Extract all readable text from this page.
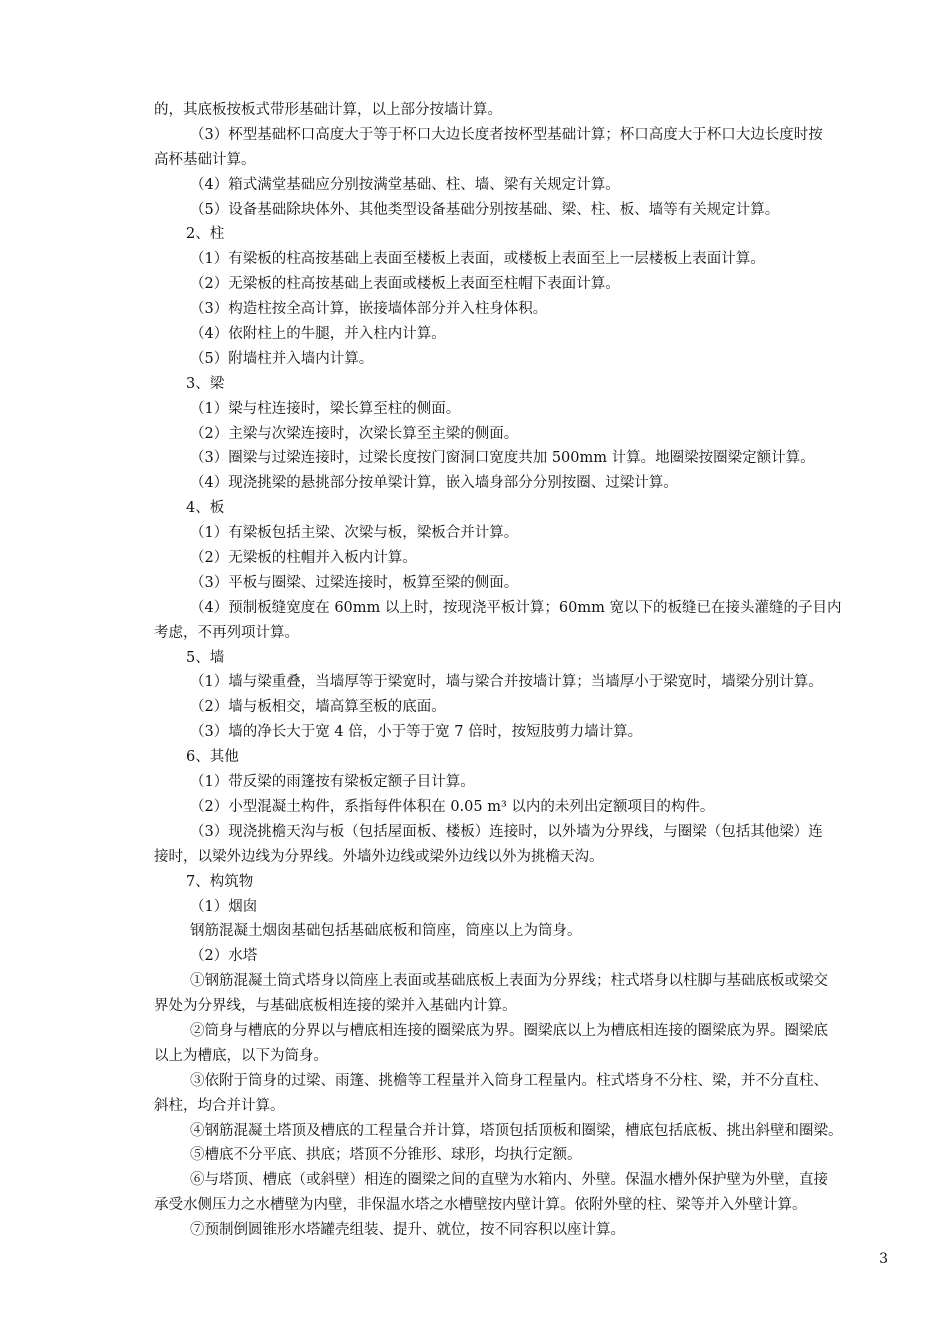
的，其底板按板式带形基础计算，以上部分按墙计算。
（3）杯型基础杯口高度大于等于杯口大边长度者按杯型基础计算；杯口高度大于杯口大边长度时按
高杯基础计算。
（4）箱式满堂基础应分别按满堂基础、柱、墙、梁有关规定计算。
（5）设备基础除块体外、其他类型设备基础分别按基础、梁、柱、板、墙等有关规定计算。
2、柱
（1）有梁板的柱高按基础上表面至楼板上表面，或楼板上表面至上一层楼板上表面计算。
（2）无梁板的柱高按基础上表面或楼板上表面至柱帽下表面计算。
（3）构造柱按全高计算，嵌接墙体部分并入柱身体积。
（4）依附柱上的牛腿，并入柱内计算。
（5）附墙柱并入墙内计算。
3、梁
（1）梁与柱连接时，梁长算至柱的侧面。
（2）主梁与次梁连接时，次梁长算至主梁的侧面。
（3）圈梁与过梁连接时，过梁长度按门窗洞口宽度共加 500mm 计算。地圈梁按圈梁定额计算。
（4）现浇挑梁的悬挑部分按单梁计算，嵌入墙身部分分别按圈、过梁计算。
4、板
（1）有梁板包括主梁、次梁与板，梁板合并计算。
（2）无梁板的柱帽并入板内计算。
（3）平板与圈梁、过梁连接时，板算至梁的侧面。
（4）预制板缝宽度在 60mm 以上时，按现浇平板计算；60mm 宽以下的板缝已在接头灌缝的子目内
考虑，不再列项计算。
5、墙
（1）墙与梁重叠，当墙厚等于梁宽时，墙与梁合并按墙计算；当墙厚小于梁宽时，墙梁分别计算。
（2）墙与板相交，墙高算至板的底面。
（3）墙的净长大于宽 4 倍，小于等于宽 7 倍时，按短肢剪力墙计算。
6、其他
（1）带反梁的雨篷按有梁板定额子目计算。
（2）小型混凝土构件，系指每件体积在 0.05 m³ 以内的未列出定额项目的构件。
（3）现浇挑檐天沟与板（包括屋面板、楼板）连接时，以外墙为分界线，与圈梁（包括其他梁）连
接时，以梁外边线为分界线。外墙外边线或梁外边线以外为挑檐天沟。
7、构筑物
（1）烟囱
钢筋混凝土烟囱基础包括基础底板和筒座，筒座以上为筒身。
（2）水塔
①钢筋混凝土筒式塔身以筒座上表面或基础底板上表面为分界线；柱式塔身以柱脚与基础底板或梁交
界处为分界线，与基础底板相连接的梁并入基础内计算。
②筒身与槽底的分界以与槽底相连接的圈梁底为界。圈梁底以上为槽底相连接的圈梁底为界。圈梁底
以上为槽底，以下为筒身。
③依附于筒身的过梁、雨篷、挑檐等工程量并入筒身工程量内。柱式塔身不分柱、梁，并不分直柱、
斜柱，均合并计算。
④钢筋混凝土塔顶及槽底的工程量合并计算，塔顶包括顶板和圈梁，槽底包括底板、挑出斜壁和圈梁。
⑤槽底不分平底、拱底；塔顶不分锥形、球形，均执行定额。
⑥与塔顶、槽底（或斜壁）相连的圈梁之间的直壁为水箱内、外壁。保温水槽外保护壁为外壁，直接
承受水侧压力之水槽壁为内壁，非保温水塔之水槽壁按内壁计算。依附外壁的柱、梁等并入外壁计算。
⑦预制倒圆锥形水塔罐壳组装、提升、就位，按不同容积以座计算。
3
